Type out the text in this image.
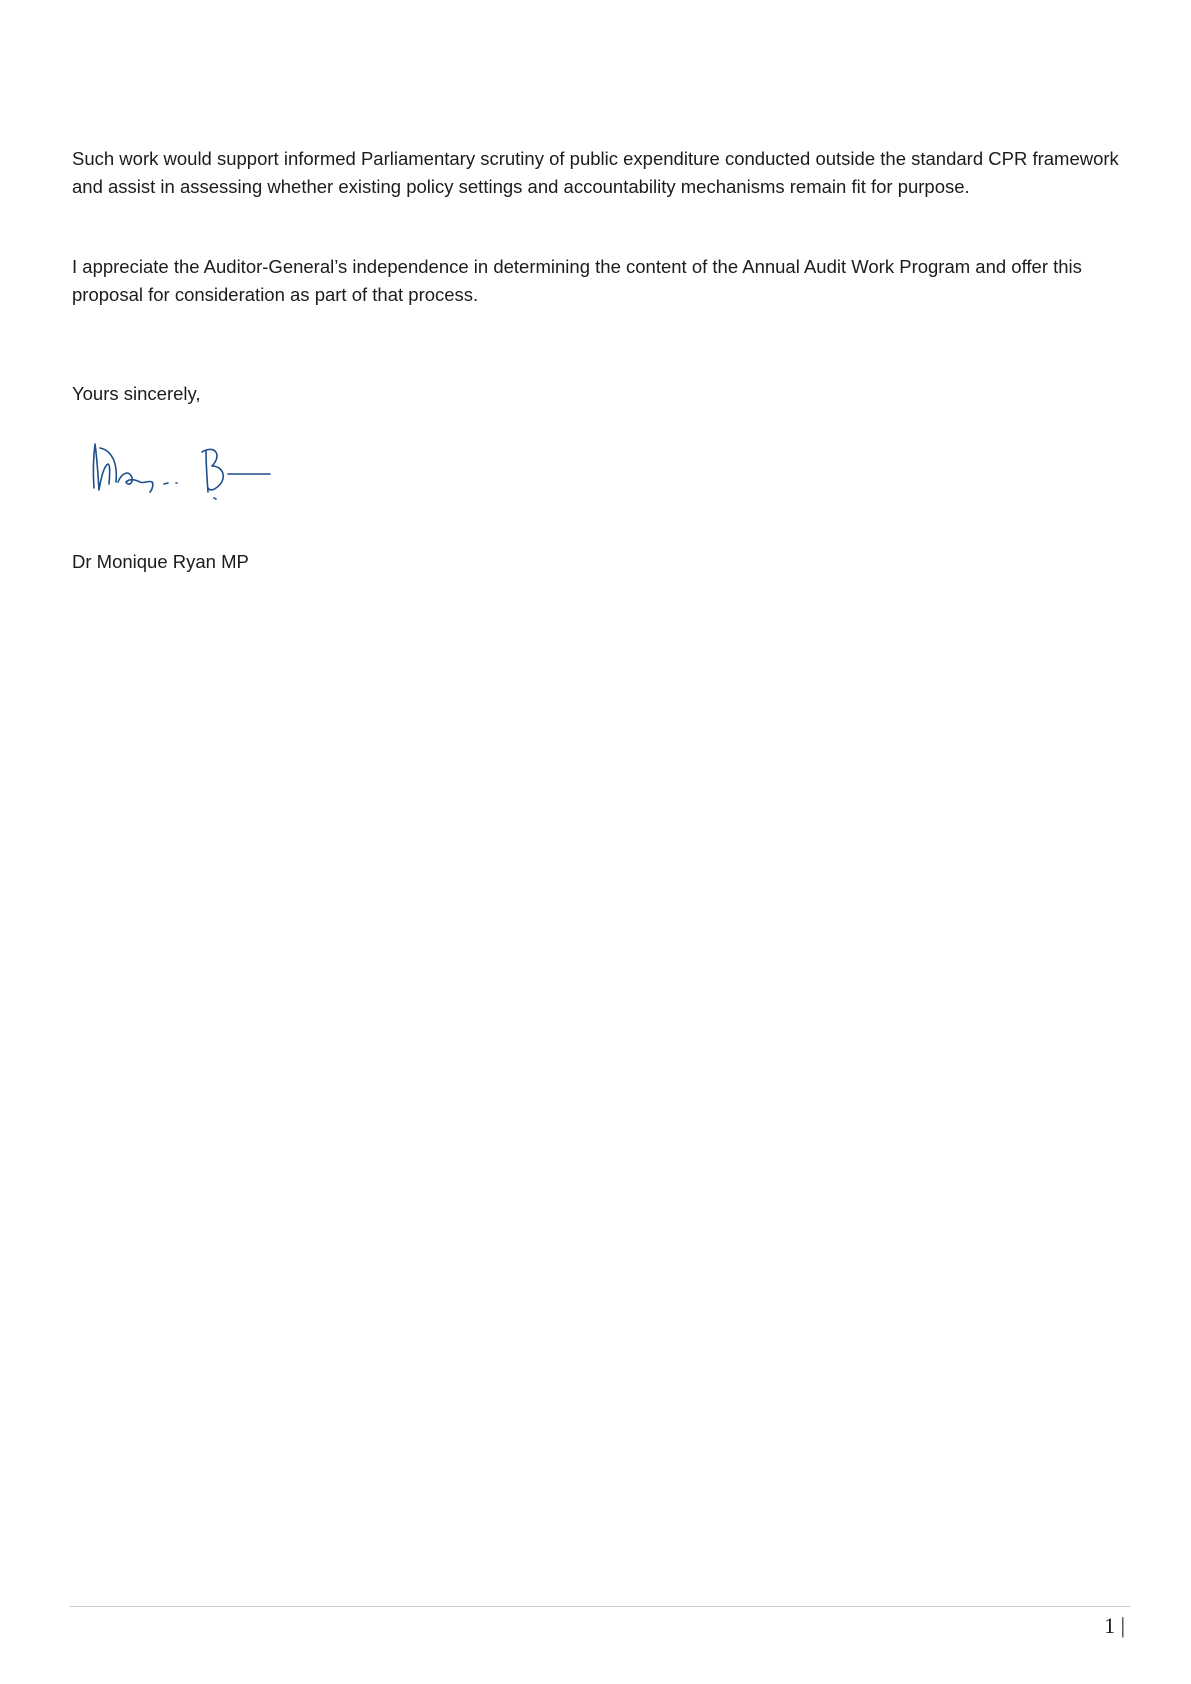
Such work would support informed Parliamentary scrutiny of public expenditure conducted outside the standard CPR framework and assist in assessing whether existing policy settings and accountability mechanisms remain fit for purpose.

I appreciate the Auditor-General’s independence in determining the content of the Annual Audit Work Program and offer this proposal for consideration as part of that process.

Yours sincerely,

Dr Monique Ryan MP

1 |
